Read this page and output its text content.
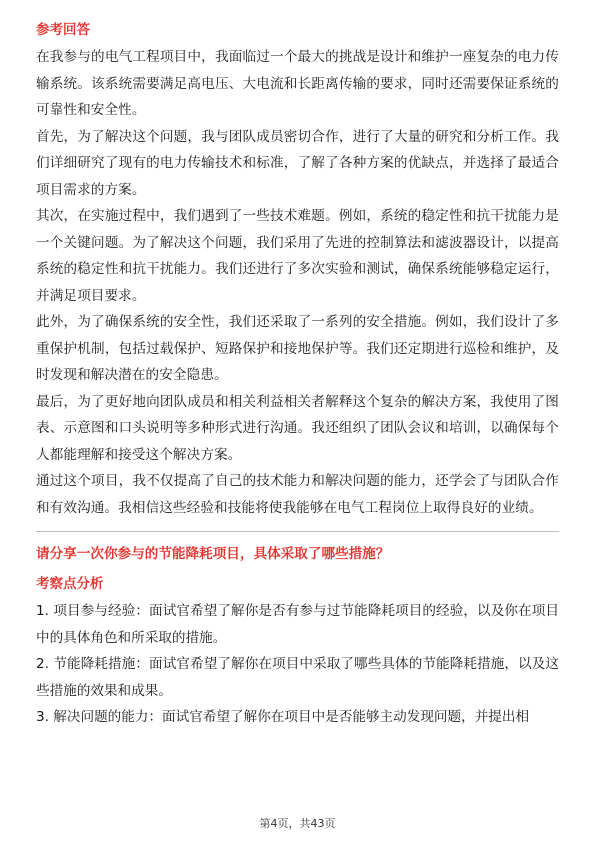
参考回答

在我参与的电气工程项目中，我面临过一个最大的挑战是设计和维护一座复杂的电力传输系统。该系统需要满足高电压、大电流和长距离传输的要求，同时还需要保证系统的可靠性和安全性。

首先，为了解决这个问题，我与团队成员密切合作，进行了大量的研究和分析工作。我们详细研究了现有的电力传输技术和标准，了解了各种方案的优缺点，并选择了最适合项目需求的方案。

其次，在实施过程中，我们遇到了一些技术难题。例如，系统的稳定性和抗干扰能力是一个关键问题。为了解决这个问题，我们采用了先进的控制算法和滤波器设计，以提高系统的稳定性和抗干扰能力。我们还进行了多次实验和测试，确保系统能够稳定运行，并满足项目要求。

此外，为了确保系统的安全性，我们还采取了一系列的安全措施。例如，我们设计了多重保护机制，包括过载保护、短路保护和接地保护等。我们还定期进行巡检和维护，及时发现和解决潜在的安全隐患。

最后，为了更好地向团队成员和相关利益相关者解释这个复杂的解决方案，我使用了图表、示意图和口头说明等多种形式进行沟通。我还组织了团队会议和培训，以确保每个人都能理解和接受这个解决方案。

通过这个项目，我不仅提高了自己的技术能力和解决问题的能力，还学会了与团队合作和有效沟通。我相信这些经验和技能将使我能够在电气工程岗位上取得良好的业绩。

请分享一次你参与的节能降耗项目，具体采取了哪些措施？
考察点分析

1. 项目参与经验：面试官希望了解你是否有参与过节能降耗项目的经验，以及你在项目中的具体角色和所采取的措施。

2. 节能降耗措施：面试官希望了解你在项目中采取了哪些具体的节能降耗措施，以及这些措施的效果和成果。

3. 解决问题的能力：面试官希望了解你在项目中是否能够主动发现问题，并提出相

第4页，共43页
